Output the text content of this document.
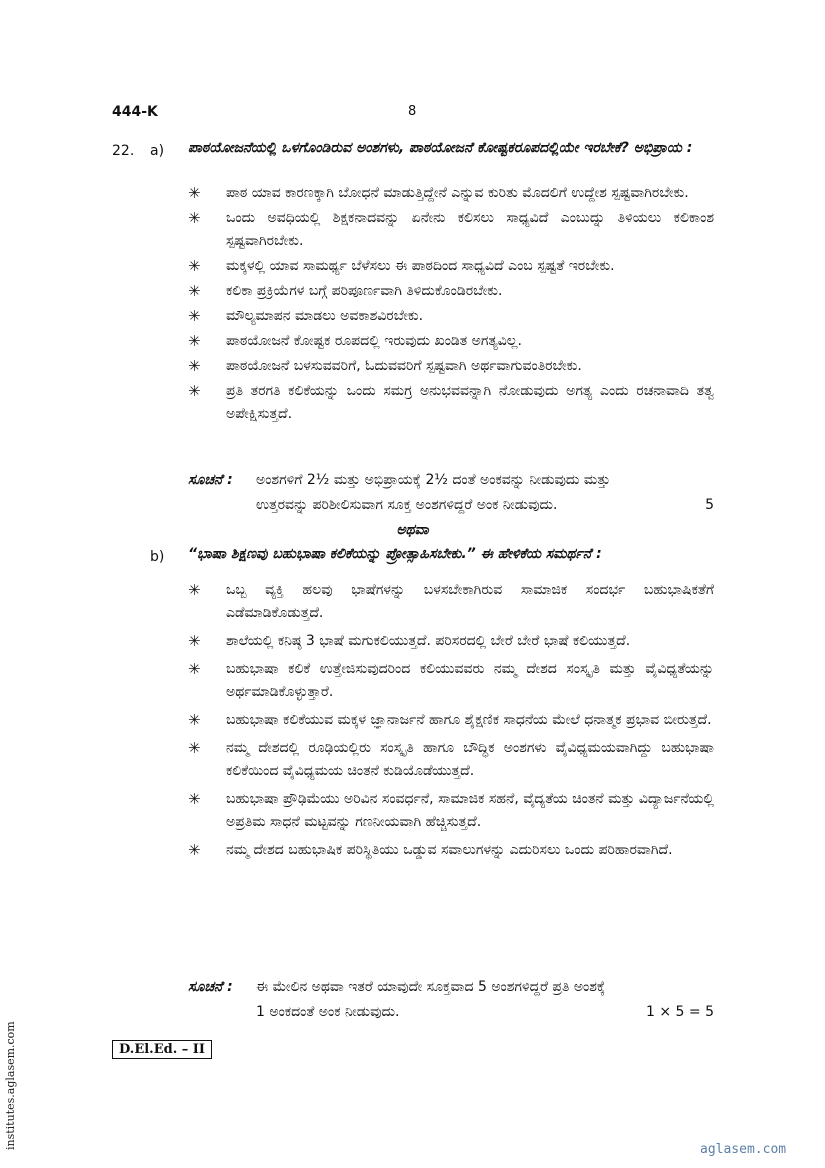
444-K	8
22. a) ಪಾಠಯೋಜನೆಯಲ್ಲಿ ಒಳಗೊಂಡಿರುವ ಅಂಶಗಳು, ಪಾಠಯೋಜನೆ ಕೋಷ್ಟಕರೂಪದಲ್ಲಿಯೇ ಇರಬೇಕೆ? ಅಭಿಪ್ರಾಯ :
✳	ಪಾಠ ಯಾವ ಕಾರಣಕ್ಕಾಗಿ ಬೋಧನೆ ಮಾಡುತ್ತಿದ್ದೇನೆ ಎನ್ನುವ ಕುರಿತು ಮೊದಲಿಗೆ ಉದ್ದೇಶ ಸ್ಪಷ್ಟವಾಗಿರಬೇಕು.
✳	ಒಂದು ಅವಧಿಯಲ್ಲಿ ಶಿಕ್ಷಕನಾದವನ್ನು ಏನೇನು ಕಲಿಸಲು ಸಾಧ್ಯವಿದೆ ಎಂಬುದ್ನು ತಿಳಿಯಲು ಕಲಿಕಾಂಶ ಸ್ಪಷ್ಟವಾಗಿರಬೇಕು.
✳	ಮಕ್ಕಳಲ್ಲಿ ಯಾವ ಸಾಮರ್ಥ್ಯ ಬೆಳೆಸಲು ಈ ಪಾಠದಿಂದ ಸಾಧ್ಯವಿದೆ ಎಂಬ ಸ್ಪಷ್ಟತೆ ಇರಬೇಕು.
✳	ಕಲಿಕಾ ಪ್ರಕ್ರಿಯೆಗಳ ಬಗ್ಗೆ ಪರಿಪೂರ್ಣವಾಗಿ ತಿಳಿದುಕೊಂಡಿರಬೇಕು.
✳	ಮೌಲ್ಯಮಾಪನ ಮಾಡಲು ಅವಕಾಶವಿರಬೇಕು.
✳	ಪಾಠಯೋಜನೆ ಕೋಷ್ಟಕ ರೂಪದಲ್ಲಿ ಇರುವುದು ಖಂಡಿತ ಅಗತ್ಯವಿಲ್ಲ.
✳	ಪಾಠಯೋಜನೆ ಬಳಸುವವರಿಗೆ, ಓದುವವರಿಗೆ ಸ್ಪಷ್ಟವಾಗಿ ಅರ್ಥವಾಗುವಂತಿರಬೇಕು.
✳	ಪ್ರತಿ ತರಗತಿ ಕಲಿಕೆಯನ್ನು ಒಂದು ಸಮಗ್ರ ಅನುಭವವನ್ನಾಗಿ ನೋಡುವುದು ಅಗತ್ಯ ಎಂದು ರಚನಾವಾದಿ ತತ್ವ ಅಪೇಕ್ಷಿಸುತ್ತದೆ.
ಸೂಚನೆ : ಅಂಶಗಳಿಗೆ 2½ ಮತ್ತು ಅಭಿಪ್ರಾಯಕ್ಕೆ 2½ ದಂತೆ ಅಂಕವನ್ನು ನೀಡುವುದು ಮತ್ತು
ಉತ್ತರವನ್ನು ಪರಿಶೀಲಿಸುವಾಗ ಸೂಕ್ತ ಅಂಶಗಳಿದ್ದರೆ ಅಂಕ ನೀಡುವುದು.	5
ಅಥವಾ
b) “ಭಾಷಾ ಶಿಕ್ಷಣವು ಬಹುಭಾಷಾ ಕಲಿಕೆಯನ್ನು ಪ್ರೋತ್ಸಾಹಿಸಬೇಕು.” ಈ ಹೇಳಿಕೆಯ ಸಮರ್ಥನೆ :
✳	ಒಬ್ಬ ವ್ಯಕ್ತಿ ಹಲವು ಭಾಷೆಗಳನ್ನು ಬಳಸಬೇಕಾಗಿರುವ ಸಾಮಾಜಿಕ ಸಂದರ್ಭ ಬಹುಭಾಷಿಕತೆಗೆ ಎಡೆಮಾಡಿಕೊಡುತ್ತದೆ.
✳	ಶಾಲೆಯಲ್ಲಿ ಕನಿಷ್ಠ 3 ಭಾಷೆ ಮಗುಕಲಿಯುತ್ತದೆ. ಪರಿಸರದಲ್ಲಿ ಬೇರೆ ಬೇರೆ ಭಾಷೆ ಕಲಿಯುತ್ತದೆ.
✳	ಬಹುಭಾಷಾ ಕಲಿಕೆ ಉತ್ತೇಜಿಸುವುದರಿಂದ ಕಲಿಯುವವರು ನಮ್ಮ ದೇಶದ ಸಂಸ್ಕೃತಿ ಮತ್ತು ವೈವಿಧ್ಯತೆಯನ್ನು ಅರ್ಥಮಾಡಿಕೊಳ್ಳುತ್ತಾರೆ.
✳	ಬಹುಭಾಷಾ ಕಲಿಕೆಯುವ ಮಕ್ಕಳ ಜ್ಞಾನಾರ್ಜನೆ ಹಾಗೂ ಶೈಕ್ಷಣಿಕ ಸಾಧನೆಯ ಮೇಲೆ ಧನಾತ್ಮಕ ಪ್ರಭಾವ ಬೀರುತ್ತದೆ.
✳	ನಮ್ಮ ದೇಶದಲ್ಲಿ ರೂಢಿಯಲ್ಲಿರು ಸಂಸ್ಕೃತಿ ಹಾಗೂ ಬೌದ್ಧಿಕ ಅಂಶಗಳು ವೈವಿಧ್ಯಮಯವಾಗಿದ್ದು ಬಹುಭಾಷಾ ಕಲಿಕೆಯಿಂದ ವೈವಿಧ್ಯಮಯ ಚಿಂತನೆ ಕುಡಿಯೊಡೆಯುತ್ತದೆ.
✳	ಬಹುಭಾಷಾ ಪ್ರೌಢಿಮೆಯು ಅರಿವಿನ ಸಂವರ್ಧನೆ, ಸಾಮಾಜಿಕ ಸಹನೆ, ವೈದ್ಯತೆಯ ಚಿಂತನೆ ಮತ್ತು ವಿದ್ಯಾರ್ಜನೆಯಲ್ಲಿ ಅಪ್ರತಿಮ ಸಾಧನೆ ಮಟ್ಟವನ್ನು ಗಣನೀಯವಾಗಿ ಹೆಚ್ಚಿಸುತ್ತದೆ.
✳	ನಮ್ಮ ದೇಶದ ಬಹುಭಾಷಿಕ ಪರಿಸ್ಥಿತಿಯು ಒಡ್ಡುವ ಸವಾಲುಗಳನ್ನು ಎದುರಿಸಲು ಒಂದು ಪರಿಹಾರವಾಗಿದೆ.
ಸೂಚನೆ : ಈ ಮೇಲಿನ ಅಥವಾ ಇತರೆ ಯಾವುದೇ ಸೂಕ್ತವಾದ 5 ಅಂಶಗಳಿದ್ದರೆ ಪ್ರತಿ ಅಂಶಕ್ಕೆ
1 ಅಂಕದಂತೆ ಅಂಕ ನೀಡುವುದು.	1 × 5 = 5
D.El.Ed. – II
institutes.aglasem.com	aglasem.com
